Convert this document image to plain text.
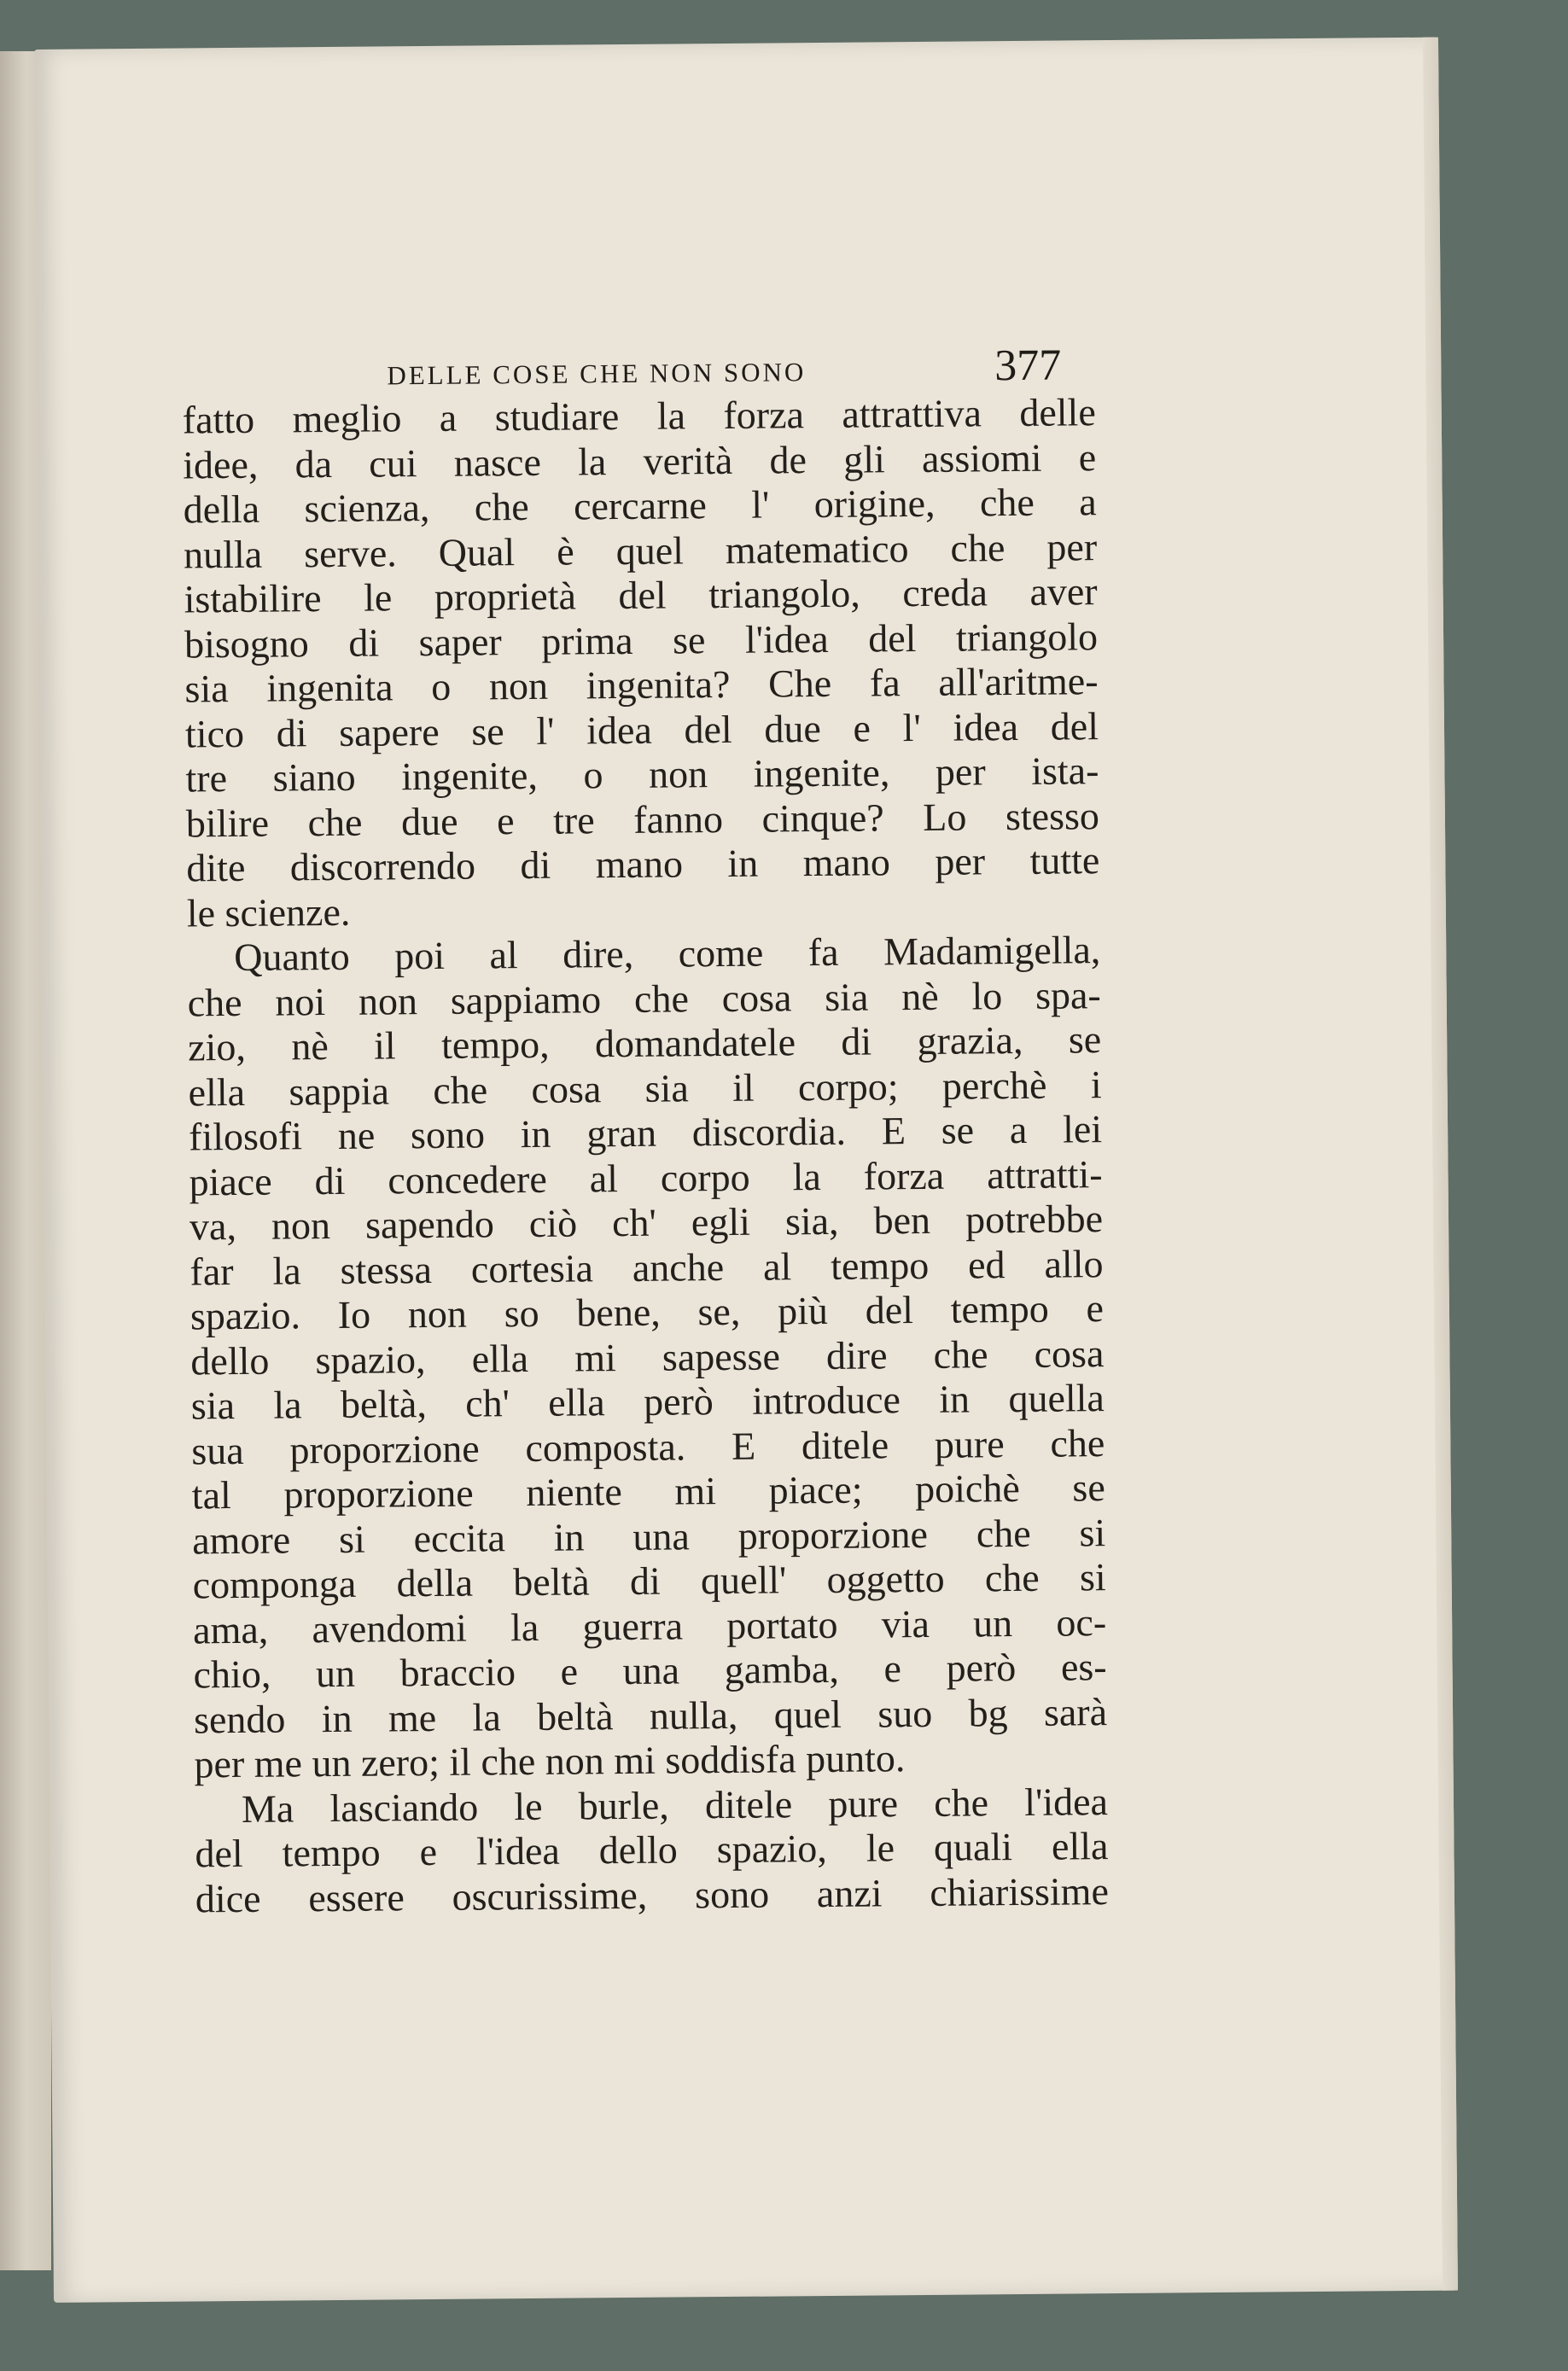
DELLE COSE CHE NON SONO	377
fatto meglio a studiare la forza attrattiva delle
idee, da cui nasce la verità de gli assiomi e
della scienza, che cercarne l' origine, che a
nulla serve. Qual è quel matematico che per
istabilire le proprietà del triangolo, creda aver
bisogno di saper prima se l'idea del triangolo
sia ingenita o non ingenita? Che fa all'aritme-
tico di sapere se l' idea del due e l' idea del
tre siano ingenite, o non ingenite, per ista-
bilire che due e tre fanno cinque? Lo stesso
dite discorrendo di mano in mano per tutte
le scienze.
Quanto poi al dire, come fa Madamigella,
che noi non sappiamo che cosa sia nè lo spa-
zio, nè il tempo, domandatele di grazia, se
ella sappia che cosa sia il corpo; perchè i
filosofi ne sono in gran discordia. E se a lei
piace di concedere al corpo la forza attratti-
va, non sapendo ciò ch' egli sia, ben potrebbe
far la stessa cortesia anche al tempo ed allo
spazio. Io non so bene, se, più del tempo e
dello spazio, ella mi sapesse dire che cosa
sia la beltà, ch' ella però introduce in quella
sua proporzione composta. E ditele pure che
tal proporzione niente mi piace; poichè se
amore si eccita in una proporzione che si
componga della beltà di quell' oggetto che si
ama, avendomi la guerra portato via un oc-
chio, un braccio e una gamba, e però es-
sendo in me la beltà nulla, quel suo bg sarà
per me un zero; il che non mi soddisfa punto.
Ma lasciando le burle, ditele pure che l'idea
del tempo e l'idea dello spazio, le quali ella
dice essere oscurissime, sono anzi chiarissime
